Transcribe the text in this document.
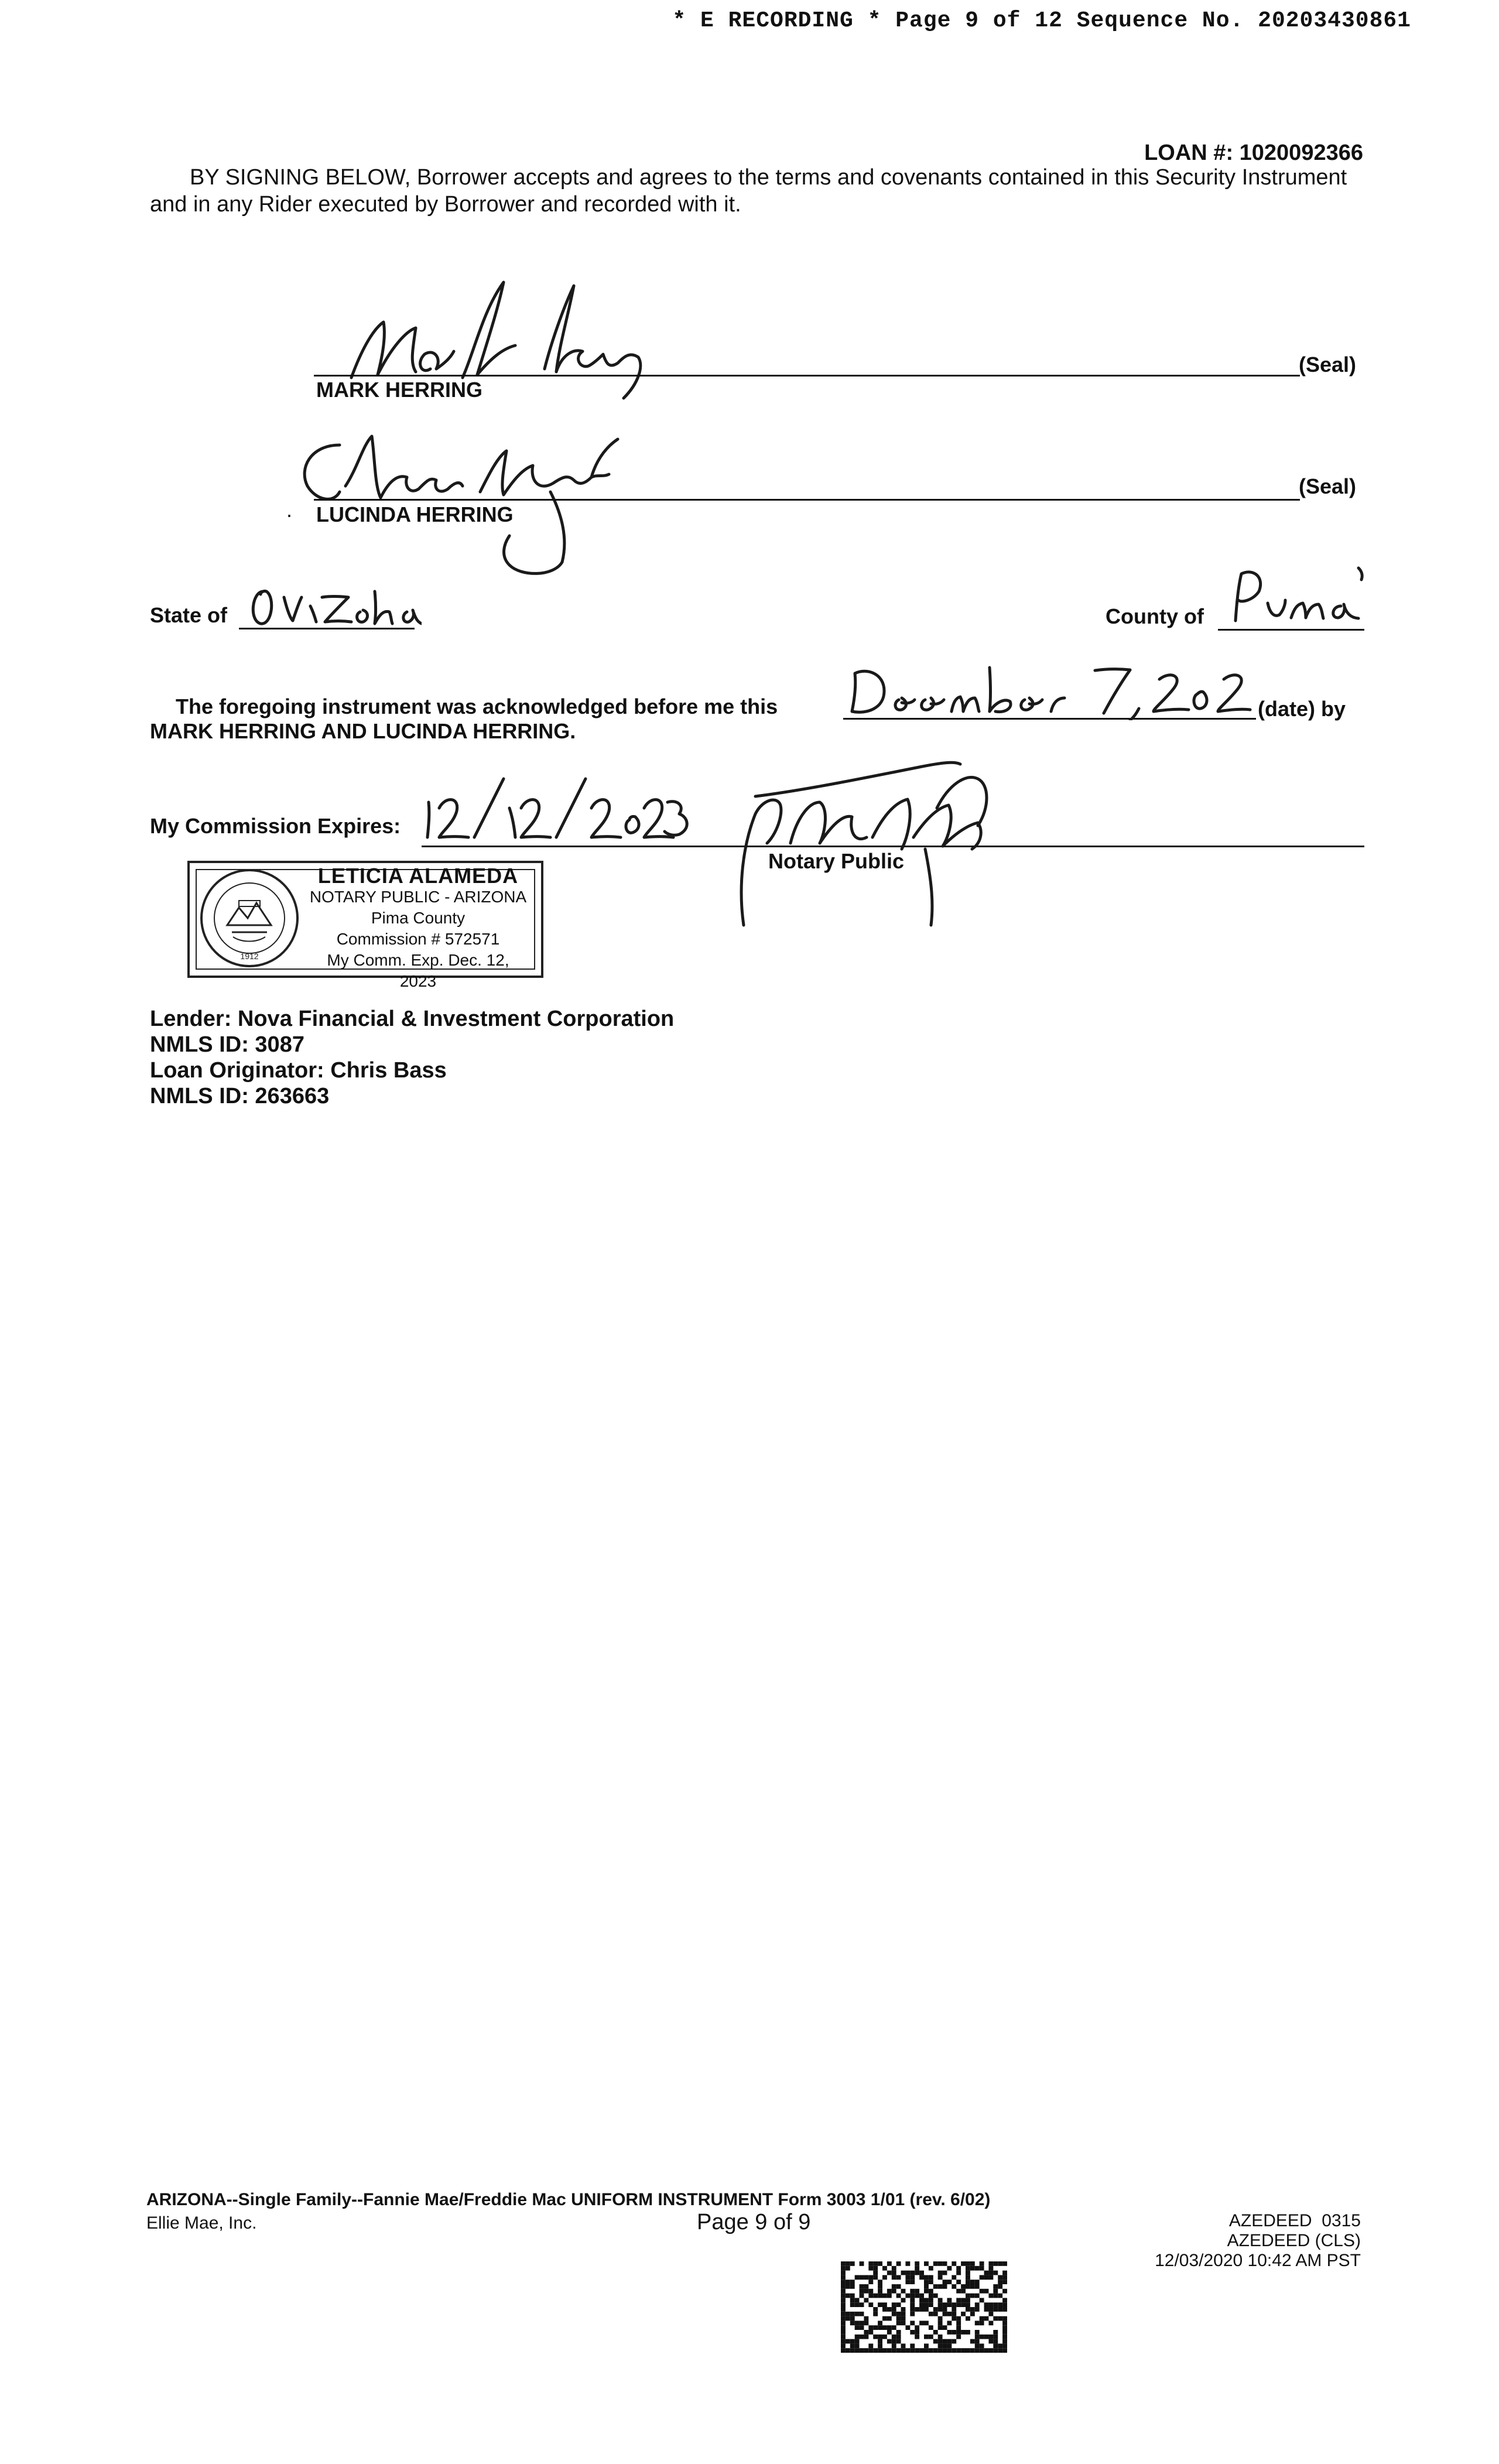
* E RECORDING * Page 9 of 12 Sequence No. 20203430861
LOAN #: 1020092366
BY SIGNING BELOW, Borrower accepts and agrees to the terms and covenants contained in this Security Instrument and in any Rider executed by Borrower and recorded with it.
MARK HERRING
(Seal)
· LUCINDA HERRING
(Seal)
State of	County of
The foregoing instrument was acknowledged before me this	(date) by
MARK HERRING AND LUCINDA HERRING.
My Commission Expires:
Notary Public
1912
LETICIA ALAMEDA
NOTARY PUBLIC - ARIZONA
Pima County
Commission # 572571
My Comm. Exp. Dec. 12, 2023
Lender: Nova Financial & Investment Corporation
NMLS ID: 3087
Loan Originator: Chris Bass
NMLS ID: 263663
ARIZONA--Single Family--Fannie Mae/Freddie Mac UNIFORM INSTRUMENT Form 3003 1/01 (rev. 6/02)
Ellie Mae, Inc.	Page 9 of 9	AZEDEED  0315
AZEDEED (CLS)
12/03/2020 10:42 AM PST
